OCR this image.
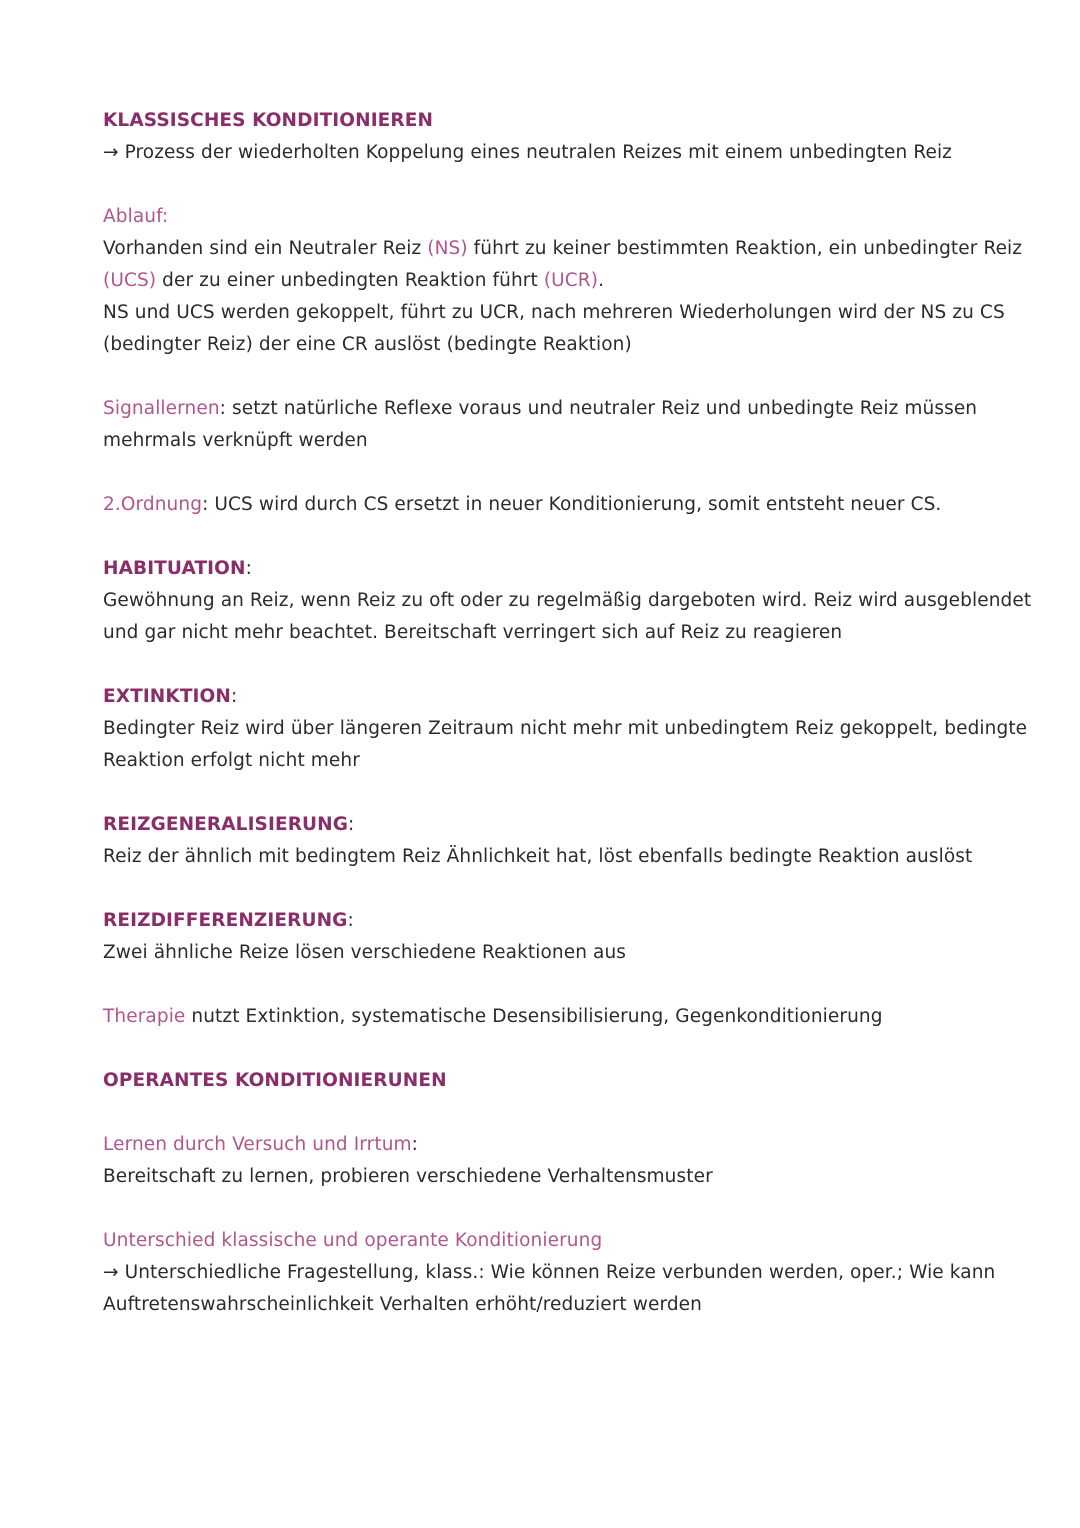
KLASSISCHES KONDITIONIEREN
→ Prozess der wiederholten Koppelung eines neutralen Reizes mit einem unbedingten Reiz
Ablauf:
Vorhanden sind ein Neutraler Reiz (NS) führt zu keiner bestimmten Reaktion, ein unbedingter Reiz
(UCS) der zu einer unbedingten Reaktion führt (UCR).
NS und UCS werden gekoppelt, führt zu UCR, nach mehreren Wiederholungen wird der NS zu CS
(bedingter Reiz) der eine CR auslöst (bedingte Reaktion)
Signallernen: setzt natürliche Reflexe voraus und neutraler Reiz und unbedingte Reiz müssen
mehrmals verknüpft werden
2.Ordnung: UCS wird durch CS ersetzt in neuer Konditionierung, somit entsteht neuer CS.
HABITUATION:
Gewöhnung an Reiz, wenn Reiz zu oft oder zu regelmäßig dargeboten wird. Reiz wird ausgeblendet
und gar nicht mehr beachtet. Bereitschaft verringert sich auf Reiz zu reagieren
EXTINKTION:
Bedingter Reiz wird über längeren Zeitraum nicht mehr mit unbedingtem Reiz gekoppelt, bedingte
Reaktion erfolgt nicht mehr
REIZGENERALISIERUNG:
Reiz der ähnlich mit bedingtem Reiz Ähnlichkeit hat, löst ebenfalls bedingte Reaktion auslöst
REIZDIFFERENZIERUNG:
Zwei ähnliche Reize lösen verschiedene Reaktionen aus
Therapie nutzt Extinktion, systematische Desensibilisierung, Gegenkonditionierung
OPERANTES KONDITIONIERUNEN
Lernen durch Versuch und Irrtum:
Bereitschaft zu lernen, probieren verschiedene Verhaltensmuster
Unterschied klassische und operante Konditionierung
→ Unterschiedliche Fragestellung, klass.: Wie können Reize verbunden werden, oper.; Wie kann
Auftretenswahrscheinlichkeit Verhalten erhöht/reduziert werden
